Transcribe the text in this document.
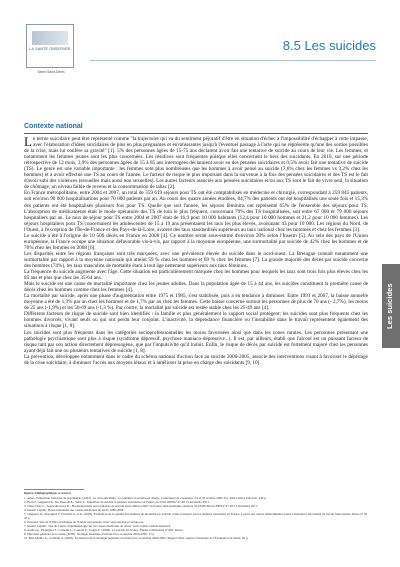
LA SANTÉ OBSERVÉE
Seine-Saint-Denis
8.5 Les suicides
Contexte national

Le terme suicidaire peut être représenté comme "la trajectoire qui va du sentiment péjoratif d'être en situation d'échec à l'impossibilité d'échapper à cette impasse, avec l'élaboration d'idées suicidaires de plus en plus prégnantes et envahissantes jusqu'à l'éventuel passage à l'acte qui ne représente qu'une des sorties possibles de la crise, mais lui confère sa gravité" [1]. 5% des personnes âgées de 15-75 ans déclarent avoir fait une tentative de suicide au cours de leur vie. Les femmes, et notamment les femmes jeunes sont les plus concernées. Les résidives sont fréquentes puisque elles concernent le tiers des suicidants. En 2010, sur une période rétrospective de 12 mois, 3,9% des personnes âgées de 15 à 85 ans interrogées déclaraient avoir eu des pensées suicidaires et 0,5% avoir fait une tentative de suicide (TS). Le genre est une variable importante : les femmes sont plus nombreuses que les hommes à avoir pensé au suicide (7,6% chez les femmes vs 3,2% chez les hommes) et à avoir effectué une TS au cours de l'année. Le facteur de risque le plus important dans la survenue à la fois des pensées suicidaires et des TS est le fait d'avoir subi des violences (sexuelles mais aussi non sexuelles). Les autres facteurs associés aux pensées suicidaires et/ou aux TS sont le fait de vivre seul, la situation de chômage, un niveau faible de revenu et la consommation de tabac [2].

En France métropolitaine, entre 2004 et 2007, un total de 359 619 séjours pour TS ont été comptabilisés en médecine et chirurgie, correspondant à 259 845 patients, soit environ 90 000 hospitalisations pour 70 000 patients par an. Au cours des quatre années étudiées, 84,7% des patients ont été hospitalisés une seule fois et 15,3% des patients ont été hospitalisés plusieurs fois pour TS. Quelle que soit l'année, les séjours féminins ont représenté 65% de l'ensemble des séjours pour TS. L'absorption de médicaments était le mode opératoire des TS de loin le plus fréquent, concernant 79% des TS hospitalisées, soit entre 67 000 et 79 000 séjours hospitaliers par an. Le taux de séjour pour TS entre 2004 et 2007 était de 16,9 pour 10 000 habitants (12,4 pour 10 000 hommes et 21,2 pour 10 000 femmes). Les séjours hospitaliers pour TS concernaient les adolescentes de 15 à 19 ans présentaient les taux les plus élevés, avoisinant 43 pour 10 000. Les régions du Nord, de l'Ouest, à l'exception de l'Île-de-France et des Pays-de-la-Loire, avaient des taux standardisés supérieurs au taux national chez les hommes et chez les femmes [3].

Le suicide a été à l'origine de 10 500 décès en France en 2008 [4]. Ce nombre serait sous-estimé d'environ 20% selon l'Inserm [5]. Au sein des pays de l'Union européenne, la France occupe une situation défavorable vis-à-vis, par rapport à la moyenne européenne, une surmortalité par suicide de 42% chez les hommes et de 70% chez les femmes en 2008 [6].

Les disparités entre les régions françaises sont très marquées, avec une prévalence élevée du suicide dans le nord-ouest. La Bretagne connaît notamment une surmortalité par rapport à la moyenne nationale qui atteint 59 % chez les hommes et 69 % chez les femmes [7]. La grande majorité des décès par suicide concerne des hommes (74%), les taux masculins de mortalité étant à tout âge nettement supérieurs aux taux féminins.

La fréquence du suicide augmente avec l'âge. Cette situation est particulièrement marquée chez les hommes pour lesquels les taux sont trois fois plus élevés chez les 85 ans et plus que chez les 35-64 ans.

Mais le suicide est une cause de mortalité importante chez les jeunes adultes. Dans la population âgée de 15 à 44 ans, les suicides constituent la première cause de décès chez les hommes comme chez les femmes [4].

La mortalité par suicide, après une phase d'augmentation entre 1975 et 1985, s'est stabilisée, puis a eu tendance à diminuer. Entre 1991 et 2007, la baisse annuelle moyenne a été de 1,3% par an chez les hommes et de 1,7% par an chez les femmes. Cette baisse concerne surtout les personnes de plus de 70 ans (- 2,7%), les moins de 25 ans (-1,9%) et les 50-69 ans (-1,3 %). Par contre, la mortalité par suicide est restée stable chez les 25-49 ans [4].

Différents facteurs de risque de suicide sont bien identifiés : la famille et plus généralement le support social protègent; les suicides sont plus fréquents chez les hommes divorcés, vivant seuls ou qui ont perdu leur conjoint. L'inactivité, la dépendance financière ou l'instabilité dans le travail représentent également des situations à risque [1, 8].

Les suicides sont plus fréquents dans les catégories socioprofessionnelles les moins favorisées ainsi que dans les zones rurales. Les personnes présentant une pathologie psychiatrique sont plus à risque (syndrome dépressif, psychose maniaco-dépressive...). Il est, par ailleurs, établi que l'alcool est un puissant facteur de risque tant par son action directement dépressogène, que par l'impulsivité qu'il induit. Enfin, le risque de décès par suicide est fortement majoré chez les personnes ayant déjà fait une ou plusieurs tentatives de suicide [1, 8].

La prévention, développée notamment dans le cadre du schéma national d'action face au suicide 2000-2005, associe des interventions visant à favoriser le dépistage de la crise suicidaire, à diminuer l'accès aux moyens létaux et à améliorer la prise en charge des suicidants [9, 10].

Repères bibliographiques et sources
1. Ameo, Fédération française de psychiatrie. (2001). La crise suicidaire : reconnaître et prendre en charge. Conférence de consensus. 19 et 20 octobre 2000. Ed. John Libbey Eurotext, 444 p.
2. Beck F, Guignard R., Du Roscoät E., Saïas T.. Tentatives de suicide et pensées suicidaires en France en 2010. BEH n°47-48 13 décembre 2011.
3. Chan-Chee C., Jezewski-Serra D., Hospitalisations pour tentative de suicide entre 2004 et 2007 en France métropolitaine. Analyse du PMSI-MCO, BEH n°47-48 13 décembre 2011.
4. Inserm CépiDc. Bases nationales des causes médicales de décès 1980-2008
5. Chappert JL, Pequignot F, Pavillon G. et al. (2003). Évaluation de la qualité des données de mortalité par suicide : biais et impact sur les données nationales en France, à partir des causes indéterminées quant à l'intention. Document de travail Série études. Drees n° 30 43 p.
6. Eurostat. Site de l'Office statistique de l'Union européenne. http://epp.eurostat.ec.europa.eu
7. Inserm CépiDc. Site du Centre d'épidémiologie sur les causes médicales de décès. www.cepidc.vesinet.inserm.fr
8. Aouba A., Péquignot F., Camelin L., Laurent F., Jougla E. (2009). Le suicide en France. Études et Résultats n° 685. Drees.
9. Direction générale de la santé. (2000). Stratégie nationale d'actions face au suicide 2000-2005. 17 p.
10. Batt-Moillo A., Jourdain A. (2005). Évaluation de la stratégie nationale d'actions face au suicide 2000-2005. Rapport final. Agence Nationale de l'Évaluation en Santé. 46 p.
Les suicides
